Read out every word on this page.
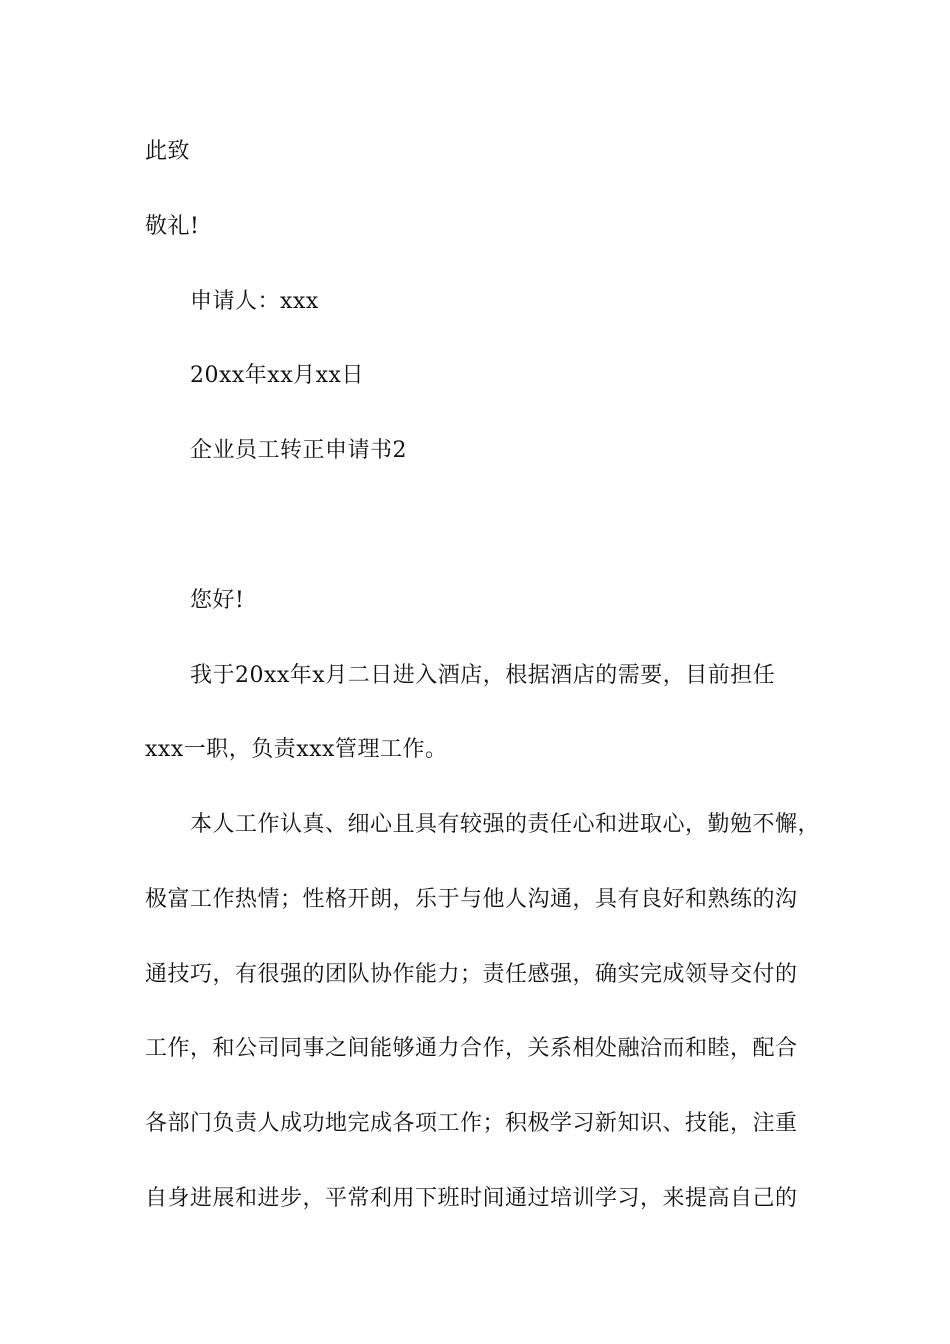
此致
敬礼!
申请人：xxx
20xx年xx月xx日
企业员工转正申请书2
您好!
我于20xx年x月二日进入酒店，根据酒店的需要，目前担任
xxx一职，负责xxx管理工作。
本人工作认真、细心且具有较强的责任心和进取心，勤勉不懈，
极富工作热情；性格开朗，乐于与他人沟通，具有良好和熟练的沟
通技巧，有很强的团队协作能力；责任感强，确实完成领导交付的
工作，和公司同事之间能够通力合作，关系相处融洽而和睦，配合
各部门负责人成功地完成各项工作；积极学习新知识、技能，注重
自身进展和进步，平常利用下班时间通过培训学习，来提高自己的
